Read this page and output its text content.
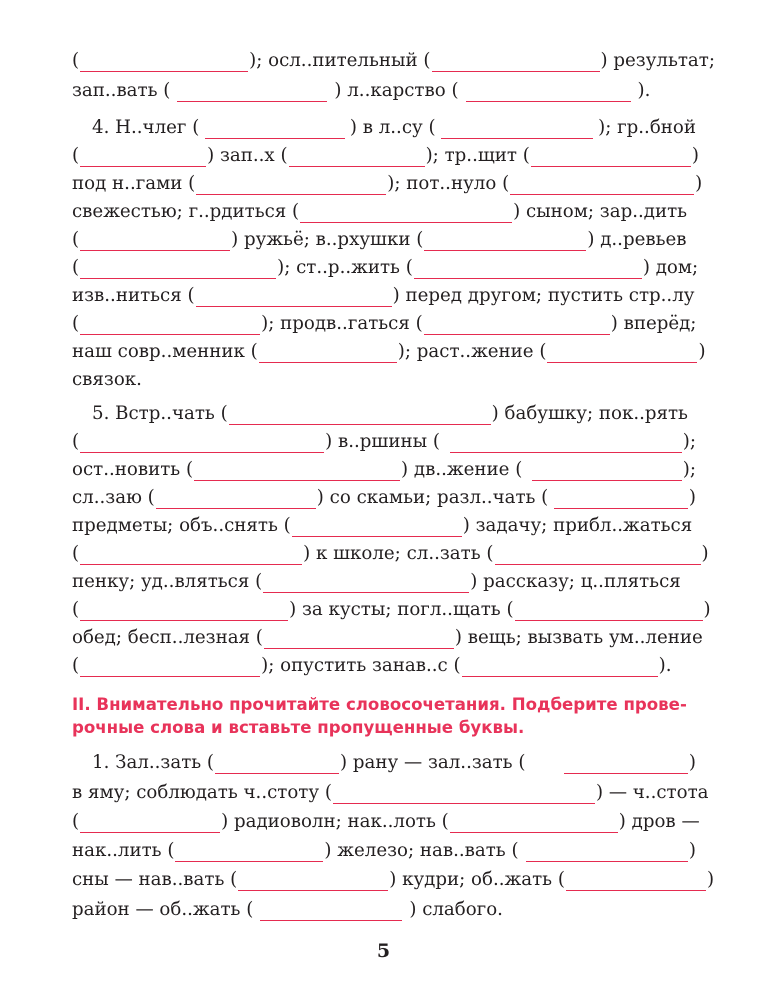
(	); осл..пительный (	) результат;
зап..вать (	) л..карство (	).
4. Н..члег (	) в л..су (	); гр..бной
(	) зап..х (	); тр..щит (	)
под н..гами (	); пот..нуло (	)
свежестью; г..рдиться (	) сыном; зар..дить
(	) ружьё; в..рхушки (	) д..ревьев
(	); ст..р..жить (	) дом;
изв..ниться (	) перед другом; пустить стр..лу
(	); продв..гаться (	) вперёд;
наш совр..менник (	); раст..жение (	)
связок.
5. Встр..чать (	) бабушку; пок..рять
(	) в..ршины (	);
ост..новить (	) дв..жение (	);
сл..заю (	) со скамьи; разл..чать (	)
предметы; объ..снять (	) задачу; прибл..жаться
(	) к школе; сл..зать (	)
пенку; уд..вляться (	) рассказу; ц..пляться
(	) за кусты; погл..щать (	)
обед; бесп..лезная (	) вещь; вызвать ум..ление
(	); опустить занав..с (	).
II. Внимательно прочитайте словосочетания. Подберите прове-
рочные слова и вставьте пропущенные буквы.
1. Зал..зать (	) рану — зал..зать (	)
в яму; соблюдать ч..стоту (	) — ч..стота
(	) радиоволн; нак..лоть (	) дров —
нак..лить (	) железо; нав..вать (	)
сны — нав..вать (	) кудри; об..жать (	)
район — об..жать (	) слабого.
5
